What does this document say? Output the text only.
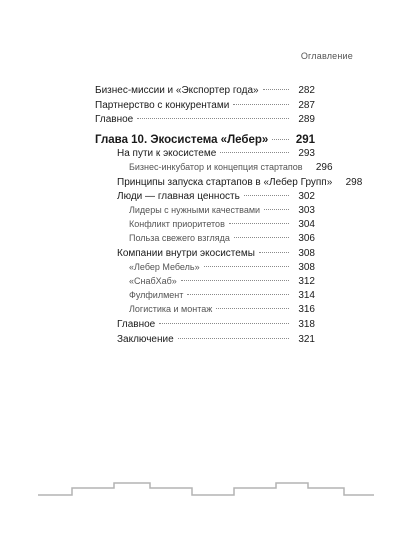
Оглавление
Бизнес-миссии и «Экспортер года»	282
Партнерство с конкурентами	287
Главное	289
Глава 10. Экосистема «Лебер» 291
На пути к экосистеме	293
Бизнес-инкубатор и концепция стартапов	296
Принципы запуска стартапов в «Лебер Групп»	298
Люди — главная ценность	302
Лидеры с нужными качествами	303
Конфликт приоритетов	304
Польза свежего взгляда	306
Компании внутри экосистемы	308
«Лебер Мебель»	308
«СнабХаб»	312
Фулфилмент	314
Логистика и монтаж	316
Главное	318
Заключение	321
